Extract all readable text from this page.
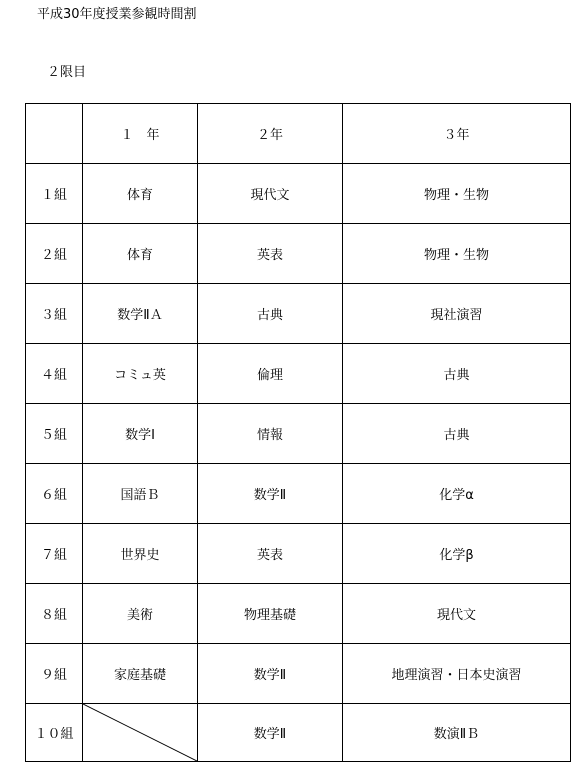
平成30年度授業参観時間割
２限目
	１　年	２年	３年
１組	体育	現代文	物理・生物
２組	体育	英表	物理・生物
３組	数学ⅡＡ	古典	現社演習
４組	コミュ英	倫理	古典
５組	数学Ⅰ	情報	古典
６組	国語Ｂ	数学Ⅱ	化学α
７組	世界史	英表	化学β
８組	美術	物理基礎	現代文
９組	家庭基礎	数学Ⅱ	地理演習・日本史演習
１０組		数学Ⅱ	数演ⅡＢ
